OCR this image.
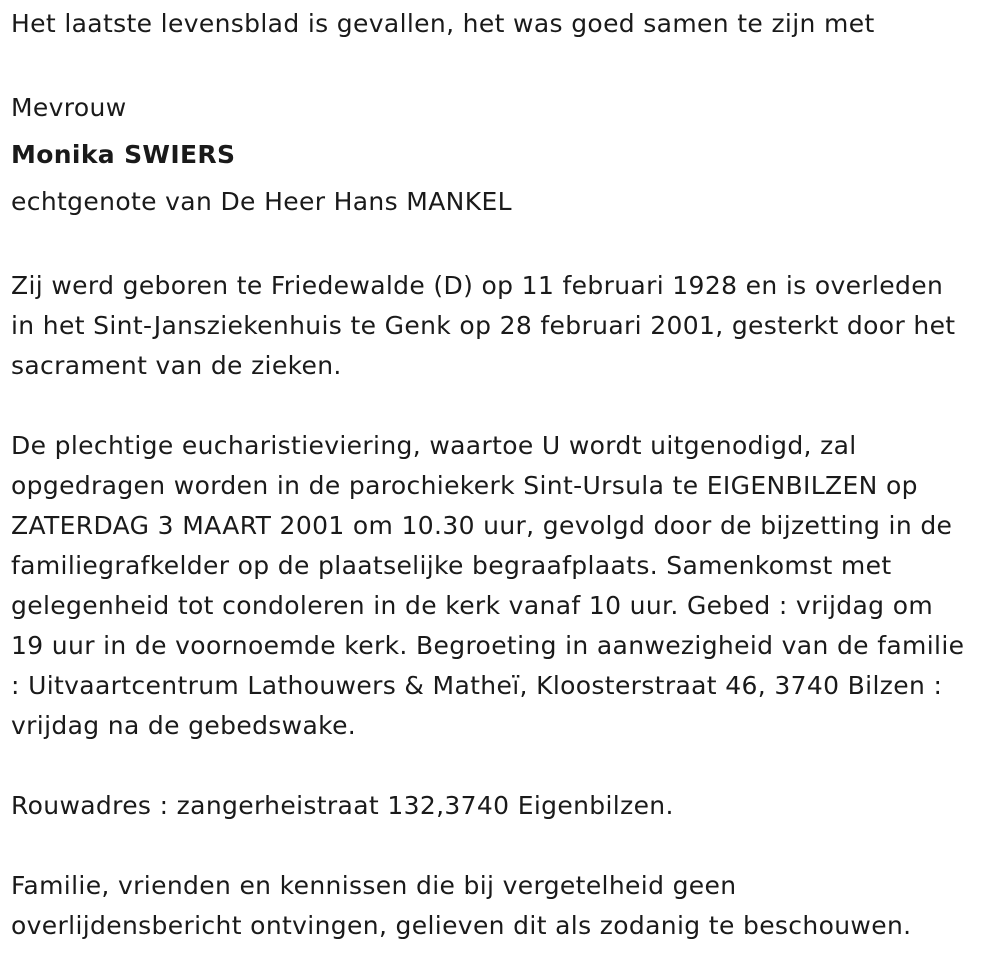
Het laatste levensblad is gevallen, het was goed samen te zijn met
Mevrouw
Monika SWIERS
echtgenote van De Heer Hans MANKEL
Zij werd geboren te Friedewalde (D) op 11 februari 1928 en is overleden
in het Sint-Jansziekenhuis te Genk op 28 februari 2001, gesterkt door het
sacrament van de zieken.
De plechtige eucharistieviering, waartoe U wordt uitgenodigd, zal
opgedragen worden in de parochiekerk Sint-Ursula te EIGENBILZEN op
ZATERDAG 3 MAART 2001 om 10.30 uur, gevolgd door de bijzetting in de
familiegrafkelder op de plaatselijke begraafplaats. Samenkomst met
gelegenheid tot condoleren in de kerk vanaf 10 uur. Gebed : vrijdag om
19 uur in de voornoemde kerk. Begroeting in aanwezigheid van de familie
: Uitvaartcentrum Lathouwers & Matheï, Kloosterstraat 46, 3740 Bilzen :
vrijdag na de gebedswake.
Rouwadres : zangerheistraat 132,3740 Eigenbilzen.
Familie, vrienden en kennissen die bij vergetelheid geen
overlijdensbericht ontvingen, gelieven dit als zodanig te beschouwen.
